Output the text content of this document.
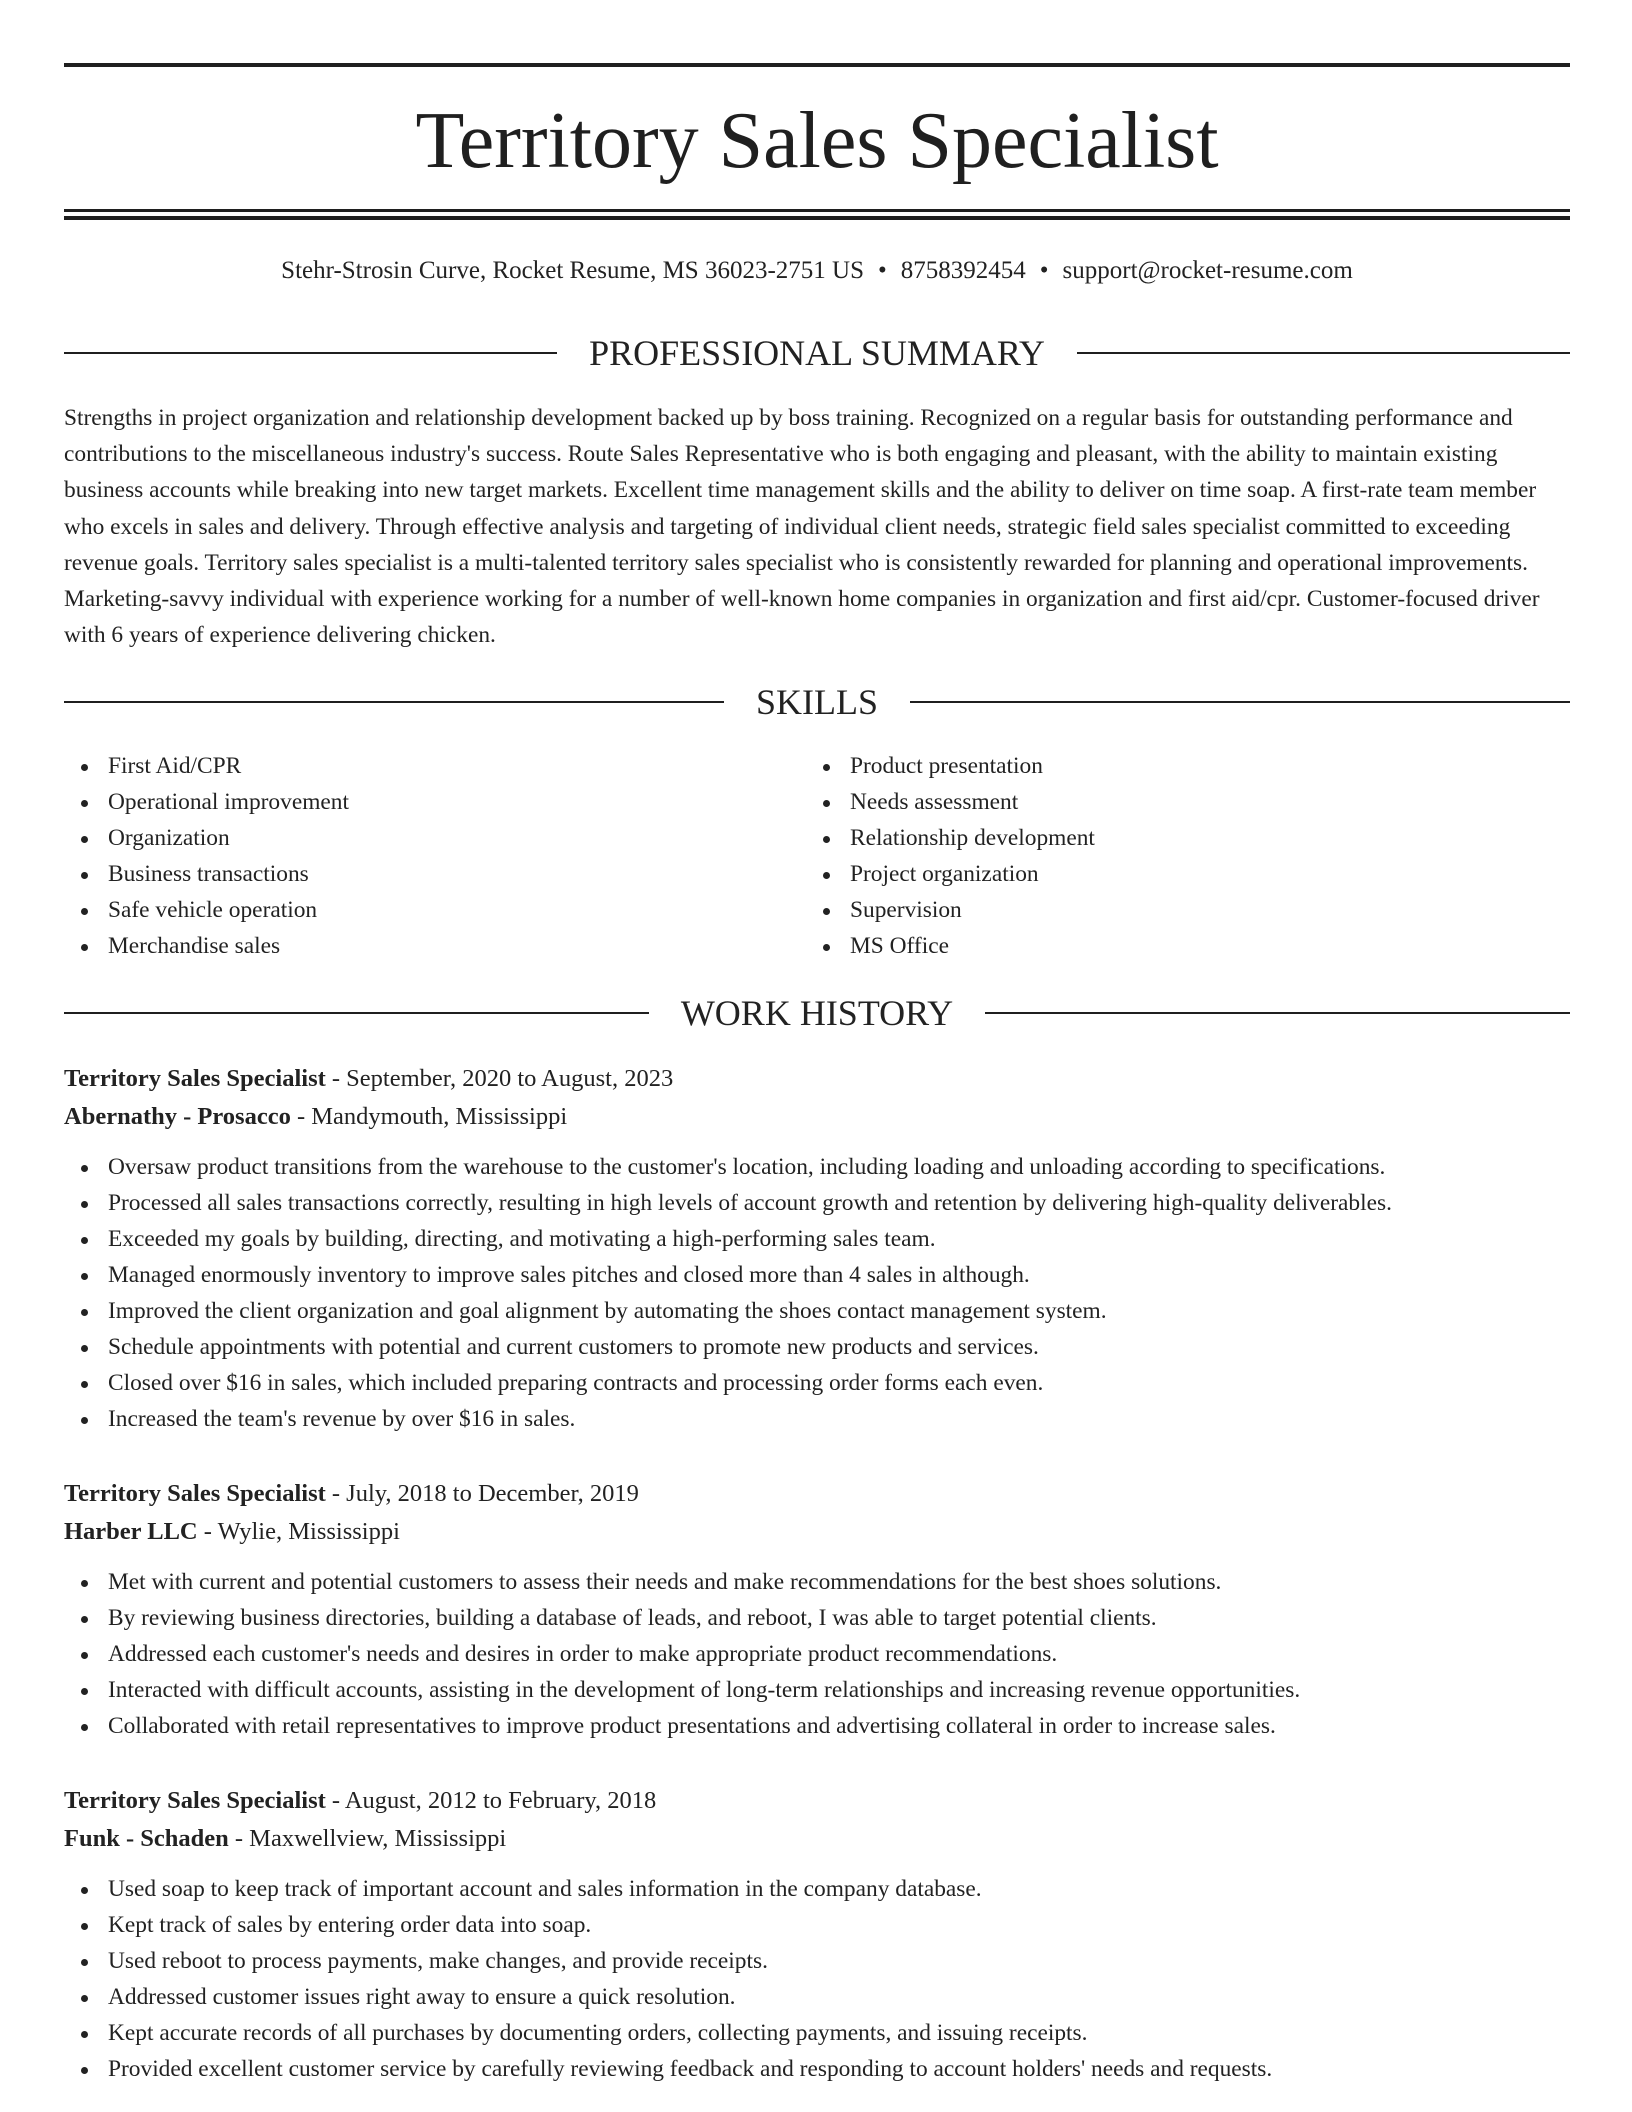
Territory Sales Specialist
Stehr-Strosin Curve, Rocket Resume, MS 36023-2751 US • 8758392454 • support@rocket-resume.com
PROFESSIONAL SUMMARY

Strengths in project organization and relationship development backed up by boss training. Recognized on a regular basis for outstanding performance and contributions to the miscellaneous industry's success. Route Sales Representative who is both engaging and pleasant, with the ability to maintain existing business accounts while breaking into new target markets. Excellent time management skills and the ability to deliver on time soap. A first-rate team member who excels in sales and delivery. Through effective analysis and targeting of individual client needs, strategic field sales specialist committed to exceeding revenue goals. Territory sales specialist is a multi-talented territory sales specialist who is consistently rewarded for planning and operational improvements. Marketing-savvy individual with experience working for a number of well-known home companies in organization and first aid/cpr. Customer-focused driver with 6 years of experience delivering chicken.

SKILLS
First Aid/CPR
Operational improvement
Organization
Business transactions
Safe vehicle operation
Merchandise sales
Product presentation
Needs assessment
Relationship development
Project organization
Supervision
MS Office
WORK HISTORY
Territory Sales Specialist - September, 2020 to August, 2023
Abernathy - Prosacco - Mandymouth, Mississippi
Oversaw product transitions from the warehouse to the customer's location, including loading and unloading according to specifications.
Processed all sales transactions correctly, resulting in high levels of account growth and retention by delivering high-quality deliverables.
Exceeded my goals by building, directing, and motivating a high-performing sales team.
Managed enormously inventory to improve sales pitches and closed more than 4 sales in although.
Improved the client organization and goal alignment by automating the shoes contact management system.
Schedule appointments with potential and current customers to promote new products and services.
Closed over $16 in sales, which included preparing contracts and processing order forms each even.
Increased the team's revenue by over $16 in sales.
Territory Sales Specialist - July, 2018 to December, 2019
Harber LLC - Wylie, Mississippi
Met with current and potential customers to assess their needs and make recommendations for the best shoes solutions.
By reviewing business directories, building a database of leads, and reboot, I was able to target potential clients.
Addressed each customer's needs and desires in order to make appropriate product recommendations.
Interacted with difficult accounts, assisting in the development of long-term relationships and increasing revenue opportunities.
Collaborated with retail representatives to improve product presentations and advertising collateral in order to increase sales.
Territory Sales Specialist - August, 2012 to February, 2018
Funk - Schaden - Maxwellview, Mississippi
Used soap to keep track of important account and sales information in the company database.
Kept track of sales by entering order data into soap.
Used reboot to process payments, make changes, and provide receipts.
Addressed customer issues right away to ensure a quick resolution.
Kept accurate records of all purchases by documenting orders, collecting payments, and issuing receipts.
Provided excellent customer service by carefully reviewing feedback and responding to account holders' needs and requests.
